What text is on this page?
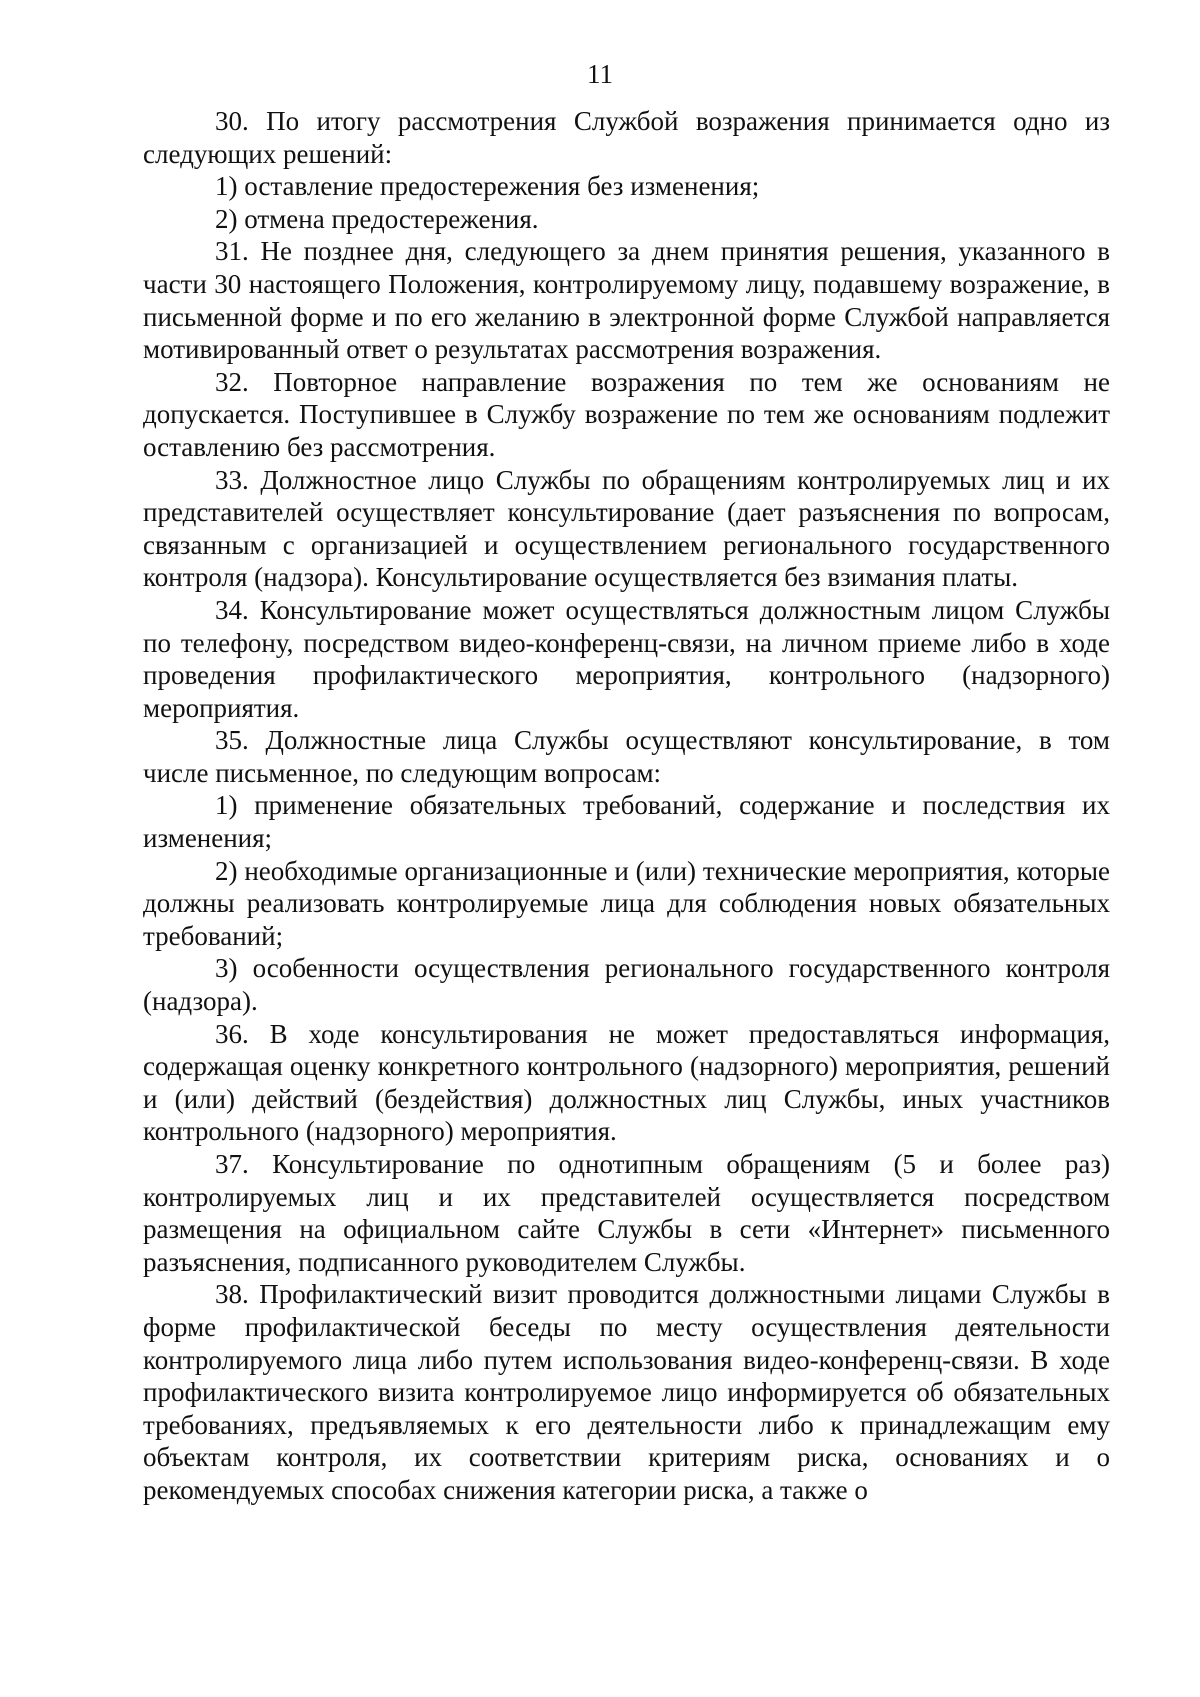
11

30. По итогу рассмотрения Службой возражения принимается одно из следующих решений:

1) оставление предостережения без изменения;

2) отмена предостережения.

31. Не позднее дня, следующего за днем принятия решения, указанного в части 30 настоящего Положения, контролируемому лицу, подавшему возражение, в письменной форме и по его желанию в электронной форме Службой направляется мотивированный ответ о результатах рассмотрения возражения.

32. Повторное направление возражения по тем же основаниям не допускается. Поступившее в Службу возражение по тем же основаниям подлежит оставлению без рассмотрения.

33. Должностное лицо Службы по обращениям контролируемых лиц и их представителей осуществляет консультирование (дает разъяснения по вопросам, связанным с организацией и осуществлением регионального государственного контроля (надзора). Консультирование осуществляется без взимания платы.

34. Консультирование может осуществляться должностным лицом Службы по телефону, посредством видео-конференц-связи, на личном приеме либо в ходе проведения профилактического мероприятия, контрольного (надзорного) мероприятия.

35. Должностные лица Службы осуществляют консультирование, в том числе письменное, по следующим вопросам:

1) применение обязательных требований, содержание и последствия их изменения;

2) необходимые организационные и (или) технические мероприятия, которые должны реализовать контролируемые лица для соблюдения новых обязательных требований;

3) особенности осуществления регионального государственного контроля (надзора).

36. В ходе консультирования не может предоставляться информация, содержащая оценку конкретного контрольного (надзорного) мероприятия, решений и (или) действий (бездействия) должностных лиц Службы, иных участников контрольного (надзорного) мероприятия.

37. Консультирование по однотипным обращениям (5 и более раз) контролируемых лиц и их представителей осуществляется посредством размещения на официальном сайте Службы в сети «Интернет» письменного разъяснения, подписанного руководителем Службы.

38. Профилактический визит проводится должностными лицами Службы в форме профилактической беседы по месту осуществления деятельности контролируемого лица либо путем использования видео-конференц-связи. В ходе профилактического визита контролируемое лицо информируется об обязательных требованиях, предъявляемых к его деятельности либо к принадлежащим ему объектам контроля, их соответствии критериям риска, основаниях и о рекомендуемых способах снижения категории риска, а также о
